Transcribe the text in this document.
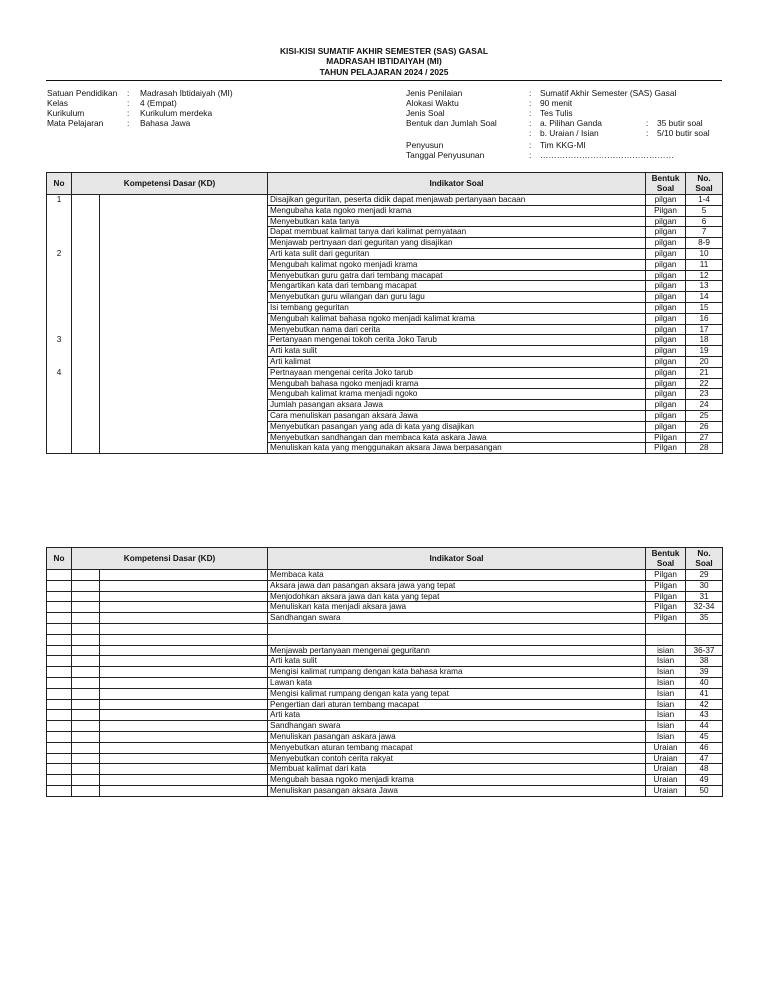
KISI-KISI SUMATIF AKHIR SEMESTER (SAS) GASAL
MADRASAH IBTIDAIYAH (MI)
TAHUN PELAJARAN 2024 / 2025
Satuan Pendidikan : Madrasah Ibtidaiyah (MI)
Kelas	: 4 (Empat)
Kurikulum	: Kurikulum merdeka
Mata Pelajaran	: Bahasa Jawa
Jenis Penilaian	: Sumatif Akhir Semester (SAS) Gasal
Alokasi Waktu	: 90 menit
Jenis Soal	: Tes Tulis
Bentuk dan Jumlah Soal	: a. Pilihan Ganda	: 35 butir soal
: b. Uraian / Isian	: 5/10 butir soal
Penyusun	: Tim KKG-MI
Tanggal Penyusunan	: …………………………………………
No	Kompetensi Dasar (KD)		Indikator Soal	Bentuk Soal	No. Soal
1			Disajikan geguritan, peserta didik dapat menjawab pertanyaan bacaan	pilgan	1-4
			Mengubaha kata ngoko menjadi krama	Pilgan	5
			Menyebutkan kata tanya	pilgan	6
			Dapat membuat kalimat tanya dari kalimat pernyataan	pilgan	7
			Menjawab pertnyaan dari geguritan yang disajikan	pilgan	8-9
2			Arti kata sulit dari geguritan	pilgan	10
			Mengubah kalimat ngoko menjadi krama	pilgan	11
			Menyebutkan guru gatra dari tembang macapat	pilgan	12
			Mengartikan kata dari tembang macapat	pilgan	13
			Menyebutkan guru wilangan dan guru lagu	pilgan	14
			Isi tembang geguritan	pilgan	15
			Mengubah kalimat bahasa ngoko menjadi kalimat krama	pilgan	16
			Menyebutkan nama dari cerita	pilgan	17
3			Pertanyaan mengenai tokoh cerita Joko Tarub	pilgan	18
			Arti kata sulit	pilgan	19
			Arti kalimat	pilgan	20
4			Pertnayaan mengenai cerita Joko tarub	pilgan	21
			Mengubah bahasa ngoko menjadi krama	pilgan	22
			Mengubah kalimat krama menjadi ngoko	pilgan	23
			Jumlah pasangan aksara Jawa	pilgan	24
			Cara menuliskan pasangan aksara Jawa	pilgan	25
			Menyebutkan pasangan yang ada di kata yang disajikan	pilgan	26
			Menyebutkan sandhangan dan membaca kata askara Jawa	Pilgan	27
			Menuliskan kata yang menggunakan aksara Jawa berpasangan	Pilgan	28
No	Kompetensi Dasar (KD)		Indikator Soal	Bentuk Soal	No. Soal
			Membaca kata	Pilgan	29
			Aksara jawa dan pasangan aksara jawa yang tepat	Pilgan	30
			Menjodohkan aksara jawa dan kata yang tepat	Pilgan	31
			Menuliskan kata menjadi aksara jawa	Pilgan	32-34
			Sandhangan swara	Pilgan	35

			Menjawab pertanyaan mengenai geguritann	isian	36-37
			Arti kata sulit	Isian	38
			Mengisi kalimat rumpang dengan kata bahasa krama	Isian	39
			Lawan kata	Isian	40
			Mengisi kalimat rumpang dengan kata yang tepat	Isian	41
			Pengertian dari aturan tembang macapat	Isian	42
			Arti kata	Isian	43
			Sandhangan swara	Isian	44
			Menuliskan pasangan askara jawa	Isian	45
			Menyebutkan aturan tembang macapat	Uraian	46
			Menyebutkan contoh cerita rakyat	Uraian	47
			Membuat kalimat dari kata	Uraian	48
			Mengubah basaa ngoko menjadi krama	Uraian	49
			Menuliskan pasangan aksara Jawa	Uraian	50
